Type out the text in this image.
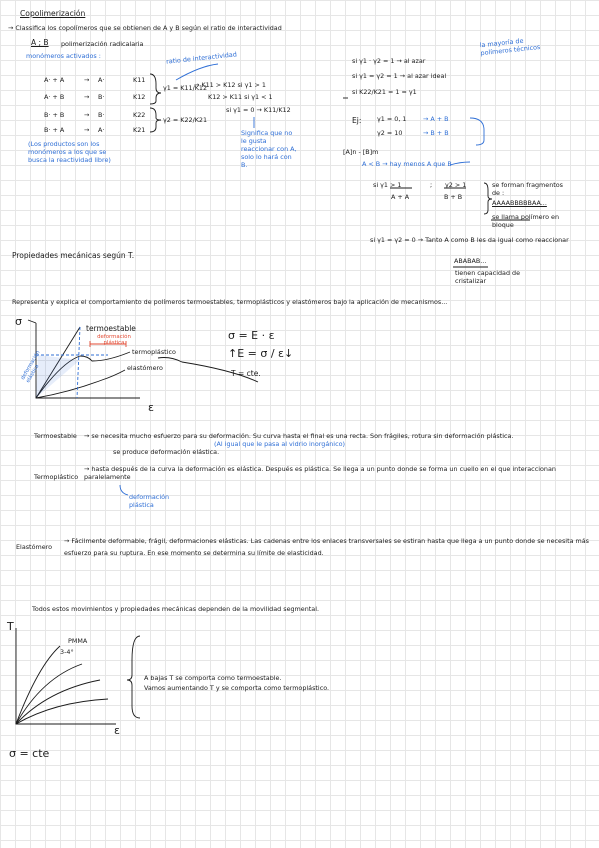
Copolimerización
→ Classifica los copolímeros que se obtienen de A y B según el ratio de interactividad
A ; B polimerización radicalaria
monómeros activados :	ratio de interactividad
A· + A	→ A·	K11
A· + B	→ B·	K12
B· + B	→ B·	K22
B· + A	→ A·	K21
γ1 = K11/K12
γ2 = K22/K21
→ K11 > K12 si γ1 > 1
K12 > K11 si γ1 < 1
si γ1 = 0 → K11/K12
(Los productos son los monómeros a los que se busca la reactividad libre)
Significa que no le gusta reaccionar con A, solo lo hará con B.
la mayoría de polímeros técnicos
si γ1 · γ2 = 1 → al azar
si γ1 = γ2 = 1 → al azar ideal
si K22/K21 = 1 = γ1
Ej: γ1 = 0, 1
γ2 = 10
→ A + B
→ B + B
[A]n - [B]m
A < B → hay menos A que B
si γ1 > 1
A + A
; γ2 > 1
B + B
se forman fragmentos de :
AAAABBBBBAA...
se llama polímero en bloque
si γ1 = γ2 = 0 → Tanto A como B les da igual como reaccionar
ABABAB...
tienen capacidad de cristalizar
Propiedades mecánicas según T.
Representa y explica el comportamiento de polímeros termoestables, termoplásticos y elastómeros bajo la aplicación de mecanismos...
σ
ε
termoestable
termoplástico
elastómero
deformación plástica
deformación elástica
σ = E · ε
↑E = σ / ε↓
T = cte.
Termoestable → se necesita mucho esfuerzo para su deformación. Su curva hasta el final es una recta. Son frágiles, rotura sin deformación plástica.
(Al igual que le pasa al vidrio inorgánico)
se produce deformación elástica.
Termoplástico
→ hasta después de la curva la deformación es elástica. Después es plástica. Se llega a un punto donde se forma un cuello en el que interaccionan paralelamente
deformación plástica
Elastómero
→ Fácilmente deformable, frágil, deformaciones elásticas. Las cadenas entre los enlaces transversales se estiran hasta que llega a un punto donde se necesita más esfuerzo para su ruptura. En ese momento se determina su límite de elasticidad.
Todos estos movimientos y propiedades mecánicas dependen de la movilidad segmental.
T
ε
PMMA
3-4°
A bajas T se comporta como termoestable.
Vamos aumentando T y se comporta como termoplástico.
σ = cte
